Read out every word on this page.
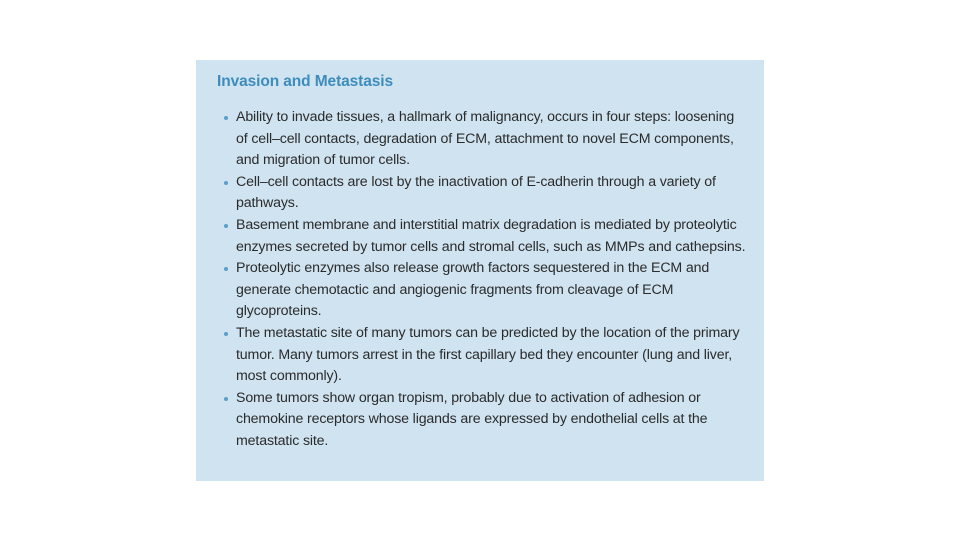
Invasion and Metastasis
Ability to invade tissues, a hallmark of malignancy, occurs in four steps: loosening of cell–cell contacts, degradation of ECM, attachment to novel ECM components, and migration of tumor cells.
Cell–cell contacts are lost by the inactivation of E-cadherin through a variety of pathways.
Basement membrane and interstitial matrix degradation is mediated by proteolytic enzymes secreted by tumor cells and stromal cells, such as MMPs and cathepsins.
Proteolytic enzymes also release growth factors sequestered in the ECM and generate chemotactic and angiogenic fragments from cleavage of ECM glycoproteins.
The metastatic site of many tumors can be predicted by the location of the primary tumor. Many tumors arrest in the first capillary bed they encounter (lung and liver, most commonly).
Some tumors show organ tropism, probably due to activation of adhesion or chemokine receptors whose ligands are expressed by endothelial cells at the metastatic site.
